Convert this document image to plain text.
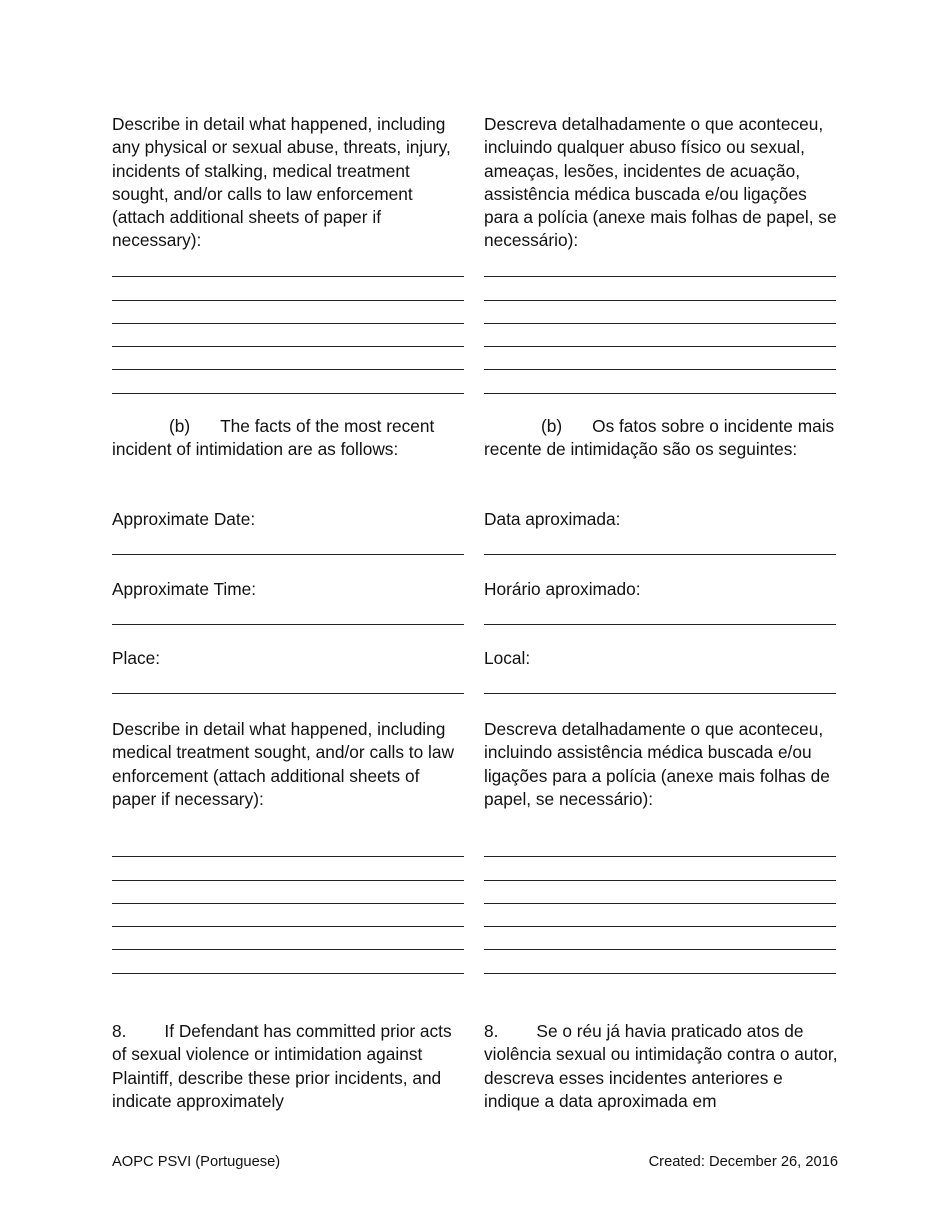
Describe in detail what happened, including any physical or sexual abuse, threats, injury, incidents of stalking, medical treatment sought, and/or calls to law enforcement (attach additional sheets of paper if necessary):

(b) The facts of the most recent incident of intimidation are as follows:

Approximate Date:

Approximate Time:

Place:

Describe in detail what happened, including medical treatment sought, and/or calls to law enforcement (attach additional sheets of paper if necessary):

8. If Defendant has committed prior acts of sexual violence or intimidation against Plaintiff, describe these prior incidents, and indicate approximately

Descreva detalhadamente o que aconteceu, incluindo qualquer abuso físico ou sexual, ameaças, lesões, incidentes de acuação, assistência médica buscada e/ou ligações para a polícia (anexe mais folhas de papel, se necessário):

(b) Os fatos sobre o incidente mais recente de intimidação são os seguintes:

Data aproximada:

Horário aproximado:

Local:

Descreva detalhadamente o que aconteceu, incluindo assistência médica buscada e/ou ligações para a polícia (anexe mais folhas de papel, se necessário):

8. Se o réu já havia praticado atos de violência sexual ou intimidação contra o autor, descreva esses incidentes anteriores e indique a data aproximada em

AOPC PSVI (Portuguese)	Created: December 26, 2016
